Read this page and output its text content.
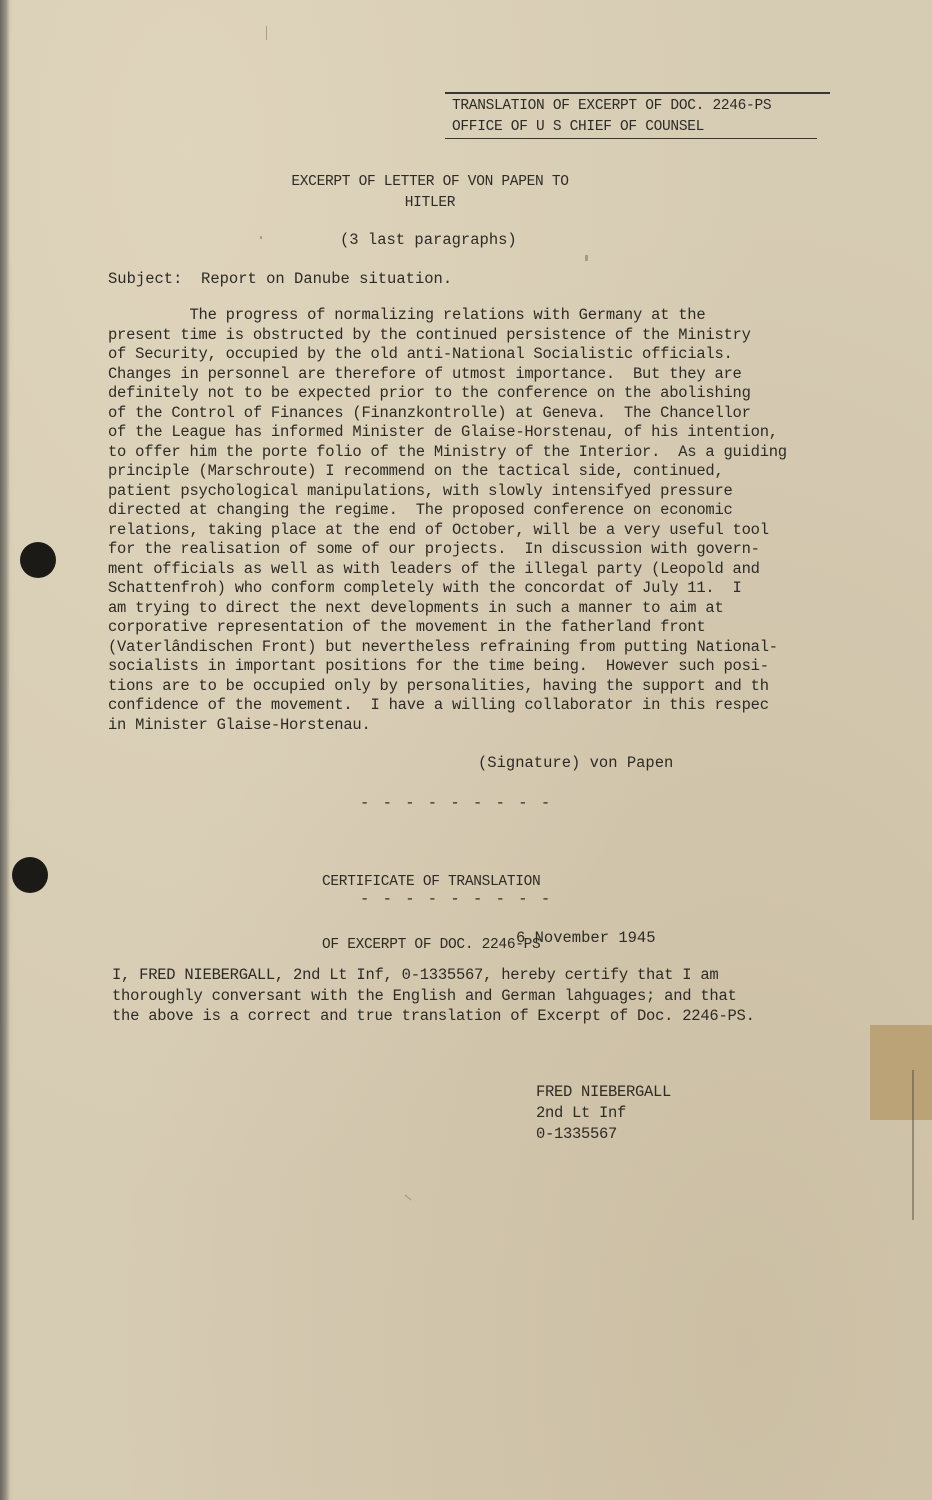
TRANSLATION OF EXCERPT OF DOC. 2246-PS
OFFICE OF U S CHIEF OF COUNSEL
EXCERPT OF LETTER OF VON PAPEN TO
HITLER
(3 last paragraphs)
Subject:  Report on Danube situation.
The progress of normalizing relations with Germany at the
present time is obstructed by the continued persistence of the Ministry
of Security, occupied by the old anti-National Socialistic officials.
Changes in personnel are therefore of utmost importance.  But they are
definitely not to be expected prior to the conference on the abolishing
of the Control of Finances (Finanzkontrolle) at Geneva.  The Chancellor
of the League has informed Minister de Glaise-Horstenau, of his intention,
to offer him the porte folio of the Ministry of the Interior.  As a guiding
principle (Marschroute) I recommend on the tactical side, continued,
patient psychological manipulations, with slowly intensifyed pressure
directed at changing the regime.  The proposed conference on economic
relations, taking place at the end of October, will be a very useful tool
for the realisation of some of our projects.  In discussion with govern-
ment officials as well as with leaders of the illegal party (Leopold and
Schattenfroh) who conform completely with the concordat of July 11.  I
am trying to direct the next developments in such a manner to aim at
corporative representation of the movement in the fatherland front
(Vaterlândischen Front) but nevertheless refraining from putting National-
socialists in important positions for the time being.  However such posi-
tions are to be occupied only by personalities, having the support and th
confidence of the movement.  I have a willing collaborator in this respec
in Minister Glaise-Horstenau.
(Signature) von Papen
- - - - - - - - -

CERTIFICATE OF TRANSLATION

OF EXCERPT OF DOC. 2246-PS

- - - - - - - - -
6 November 1945
I, FRED NIEBERGALL, 2nd Lt Inf, 0-1335567, hereby certify that I am
thoroughly conversant with the English and German lahguages; and that
the above is a correct and true translation of Excerpt of Doc. 2246-PS.
FRED NIEBERGALL
2nd Lt Inf
0-1335567
